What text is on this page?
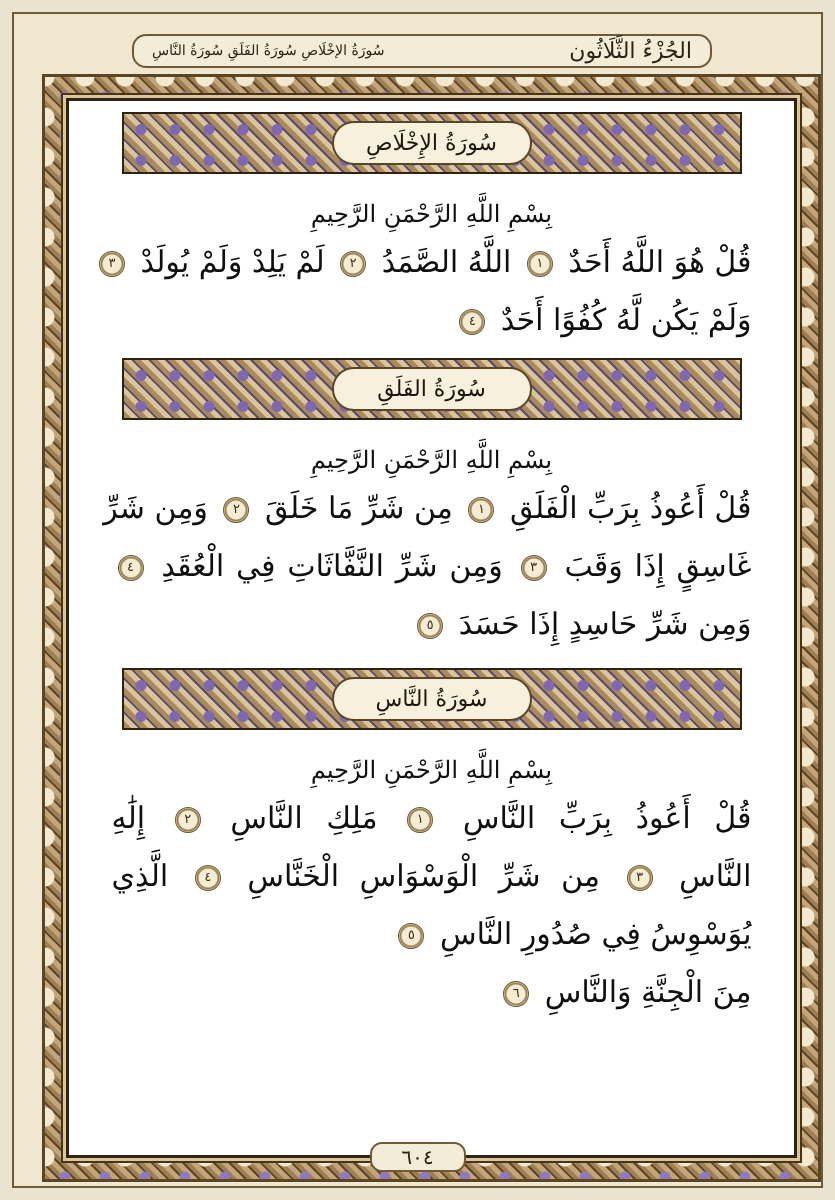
الجُزْءُ الثَّلَاثُون
سُورَةُ الإخْلَاصِ سُورَةُ الفَلَقِ سُورَةُ النَّاسِ
سُورَةُ الإِخْلَاصِ
بِسْمِ اللَّهِ الرَّحْمَنِ الرَّحِيمِ
قُلْ هُوَ اللَّهُ أَحَدٌ ١ اللَّهُ الصَّمَدُ ٢ لَمْ يَلِدْ وَلَمْ يُولَدْ ٣
وَلَمْ يَكُن لَّهُ كُفُوًا أَحَدٌ ٤
سُورَةُ الفَلَقِ
بِسْمِ اللَّهِ الرَّحْمَنِ الرَّحِيمِ
قُلْ أَعُوذُ بِرَبِّ الْفَلَقِ ١ مِن شَرِّ مَا خَلَقَ ٢ وَمِن شَرِّ
غَاسِقٍ إِذَا وَقَبَ ٣ وَمِن شَرِّ النَّفَّاثَاتِ فِي الْعُقَدِ ٤
وَمِن شَرِّ حَاسِدٍ إِذَا حَسَدَ ٥
سُورَةُ النَّاسِ
بِسْمِ اللَّهِ الرَّحْمَنِ الرَّحِيمِ
قُلْ أَعُوذُ بِرَبِّ النَّاسِ ١ مَلِكِ النَّاسِ ٢ إِلَٰهِ
النَّاسِ ٣ مِن شَرِّ الْوَسْوَاسِ الْخَنَّاسِ ٤ الَّذِي
يُوَسْوِسُ فِي صُدُورِ النَّاسِ ٥
مِنَ الْجِنَّةِ وَالنَّاسِ ٦
٦٠٤
